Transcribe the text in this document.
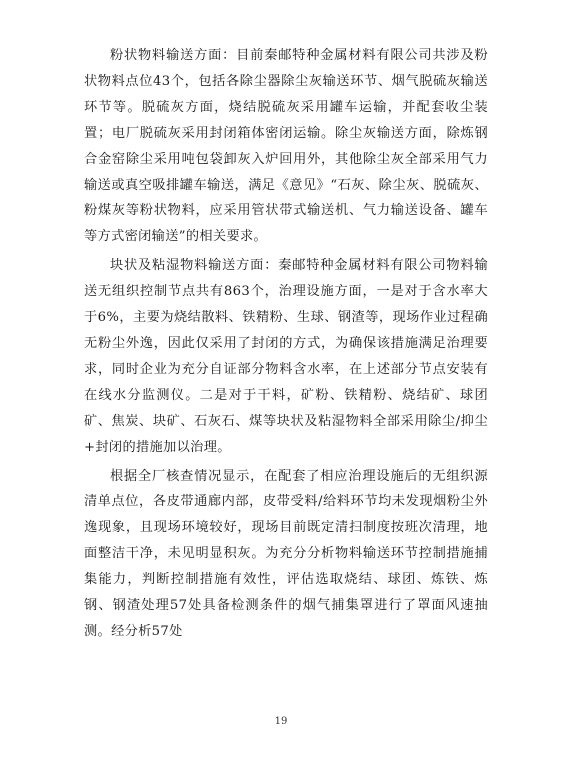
粉状物料输送方面：目前秦邮特种金属材料有限公司共涉及粉状物料点位43个，包括各除尘器除尘灰输送环节、烟气脱硫灰输送环节等。脱硫灰方面，烧结脱硫灰采用罐车运输，并配套收尘装置；电厂脱硫灰采用封闭箱体密闭运输。除尘灰输送方面，除炼钢合金窑除尘采用吨包袋卸灰入炉回用外，其他除尘灰全部采用气力输送或真空吸排罐车输送，满足《意见》“石灰、除尘灰、脱硫灰、粉煤灰等粉状物料，应采用管状带式输送机、气力输送设备、罐车等方式密闭输送”的相关要求。

块状及粘湿物料输送方面：秦邮特种金属材料有限公司物料输送无组织控制节点共有863个，治理设施方面，一是对于含水率大于6%，主要为烧结散料、铁精粉、生球、钢渣等，现场作业过程确无粉尘外逸，因此仅采用了封闭的方式，为确保该措施满足治理要求，同时企业为充分自证部分物料含水率，在上述部分节点安装有在线水分监测仪。二是对于干料，矿粉、铁精粉、烧结矿、球团矿、焦炭、块矿、石灰石、煤等块状及粘湿物料全部采用除尘/抑尘+封闭的措施加以治理。

根据全厂核查情况显示，在配套了相应治理设施后的无组织源清单点位，各皮带通廊内部，皮带受料/给料环节均未发现烟粉尘外逸现象，且现场环境较好，现场目前既定清扫制度按班次清理，地面整洁干净，未见明显积灰。为充分分析物料输送环节控制措施捕集能力，判断控制措施有效性，评估选取烧结、球团、炼铁、炼钢、钢渣处理57处具备检测条件的烟气捕集罩进行了罩面风速抽测。经分析57处

19
